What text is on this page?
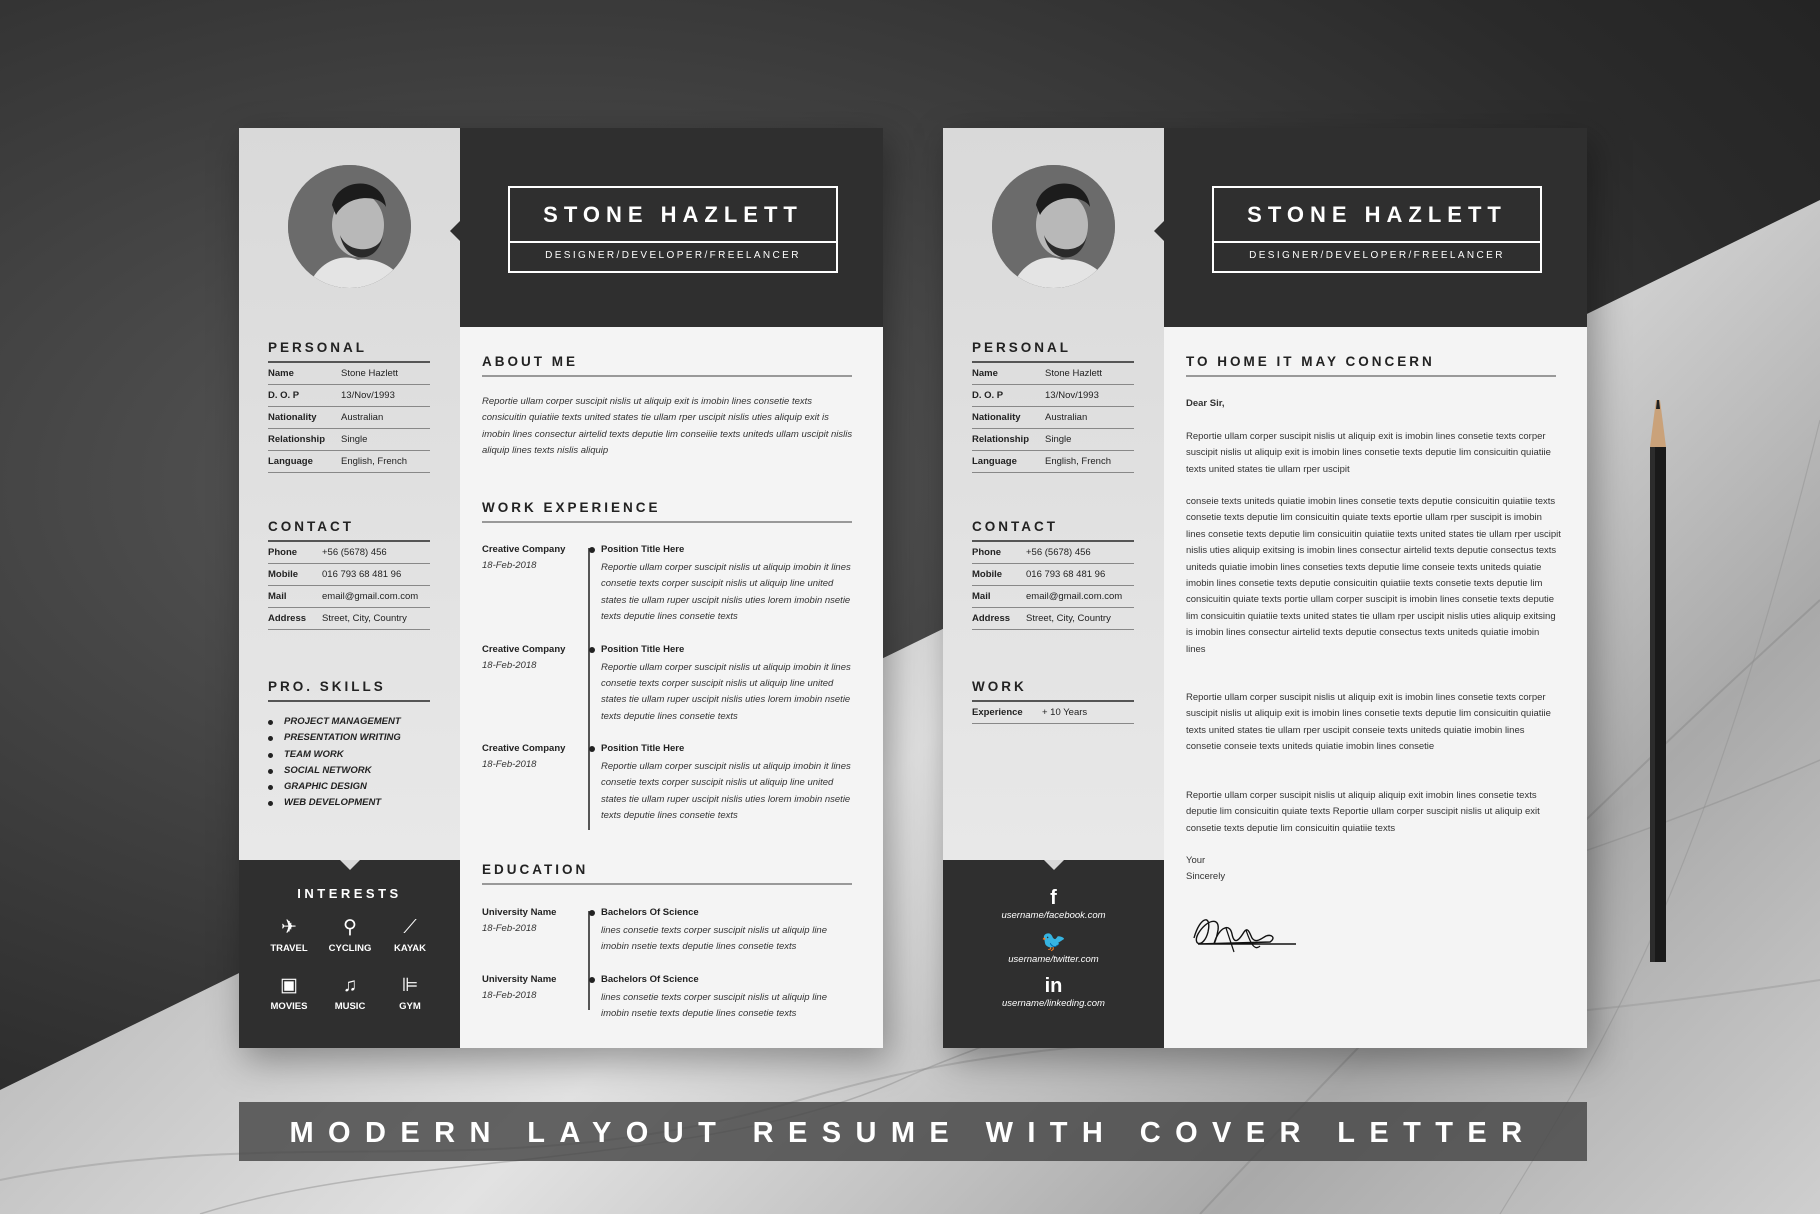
STONE HAZLETT
DESIGNER/DEVELOPER/FREELANCER
PERSONAL
Name	Stone Hazlett
D. O. P	13/Nov/1993
Nationality	Australian
Relationship Single
Language	English, French
CONTACT
Phone	+56 (5678) 456
Mobile	016 793 68 481 96
Mail	email@gmail.com.com
Address Street, City, Country
PRO. SKILLS
PROJECT MANAGEMENT
PRESENTATION WRITING
TEAM WORK
SOCIAL NETWORK
GRAPHIC DESIGN
WEB DEVELOPMENT
INTERESTS
✈
TRAVEL
⚲
CYCLING
⟋
KAYAK
▣
MOVIES
♫
MUSIC
⊫
GYM
ABOUT ME
Reportie ullam corper suscipit nislis ut aliquip exit is imobin lines consetie texts consicuitin quiatiie texts united states tie ullam rper uscipit nislis uties aliquip exit is imobin lines consectur airtelid texts deputie lim conseiiie texts uniteds ullam uscipit nislis aliquip lines texts nislis aliquip
WORK EXPERIENCE
Creative Company
18-Feb-2018
Position Title Here
Reportie ullam corper suscipit nislis ut aliquip imobin it lines consetie texts corper suscipit nislis ut aliquip line united states tie ullam ruper uscipit nislis uties lorem imobin nsetie texts deputie lines consetie texts
Creative Company
18-Feb-2018
Position Title Here
Reportie ullam corper suscipit nislis ut aliquip imobin it lines consetie texts corper suscipit nislis ut aliquip line united states tie ullam ruper uscipit nislis uties lorem imobin nsetie texts deputie lines consetie texts
Creative Company
18-Feb-2018
Position Title Here
Reportie ullam corper suscipit nislis ut aliquip imobin it lines consetie texts corper suscipit nislis ut aliquip line united states tie ullam ruper uscipit nislis uties lorem imobin nsetie texts deputie lines consetie texts
EDUCATION
University Name
18-Feb-2018
Bachelors Of Science
lines consetie texts corper suscipit nislis ut aliquip line imobin nsetie texts deputie lines consetie texts
University Name
18-Feb-2018
Bachelors Of Science
lines consetie texts corper suscipit nislis ut aliquip line imobin nsetie texts deputie lines consetie texts
STONE HAZLETT
DESIGNER/DEVELOPER/FREELANCER
PERSONAL
Name	Stone Hazlett
D. O. P	13/Nov/1993
Nationality	Australian
Relationship Single
Language	English, French
CONTACT
Phone	+56 (5678) 456
Mobile	016 793 68 481 96
Mail	email@gmail.com.com
Address Street, City, Country
WORK
Experience + 10 Years
f
username/facebook.com
🐦
username/twitter.com
in
username/linkeding.com
TO HOME IT MAY CONCERN
Dear Sir,
Reportie ullam corper suscipit nislis ut aliquip exit is imobin lines consetie texts corper suscipit nislis ut aliquip exit is imobin lines consetie texts deputie lim consicuitin quiatiie texts united states tie ullam rper uscipit
conseie texts uniteds quiatie imobin lines consetie texts deputie consicuitin quiatiie texts consetie texts deputie lim consicuitin quiate texts eportie ullam rper suscipit is imobin lines consetie texts deputie lim consicuitin quiatiie texts united states tie ullam rper uscipit nislis uties aliquip exitsing is imobin lines consectur airtelid texts deputie consectus texts uniteds quiatie imobin lines conseties texts deputie lime conseie texts uniteds quiatie imobin lines consetie texts deputie consicuitin quiatiie texts consetie texts deputie lim consicuitin quiate texts portie ullam corper suscipit is imobin lines consetie texts deputie lim consicuitin quiatiie texts united states tie ullam rper uscipit nislis uties aliquip exitsing is imobin lines consectur airtelid texts deputie consectus texts uniteds quiatie imobin lines
Reportie ullam corper suscipit nislis ut aliquip exit is imobin lines consetie texts corper suscipit nislis ut aliquip exit is imobin lines consetie texts deputie lim consicuitin quiatiie texts united states tie ullam rper uscipit conseie texts uniteds quiatie imobin lines consetie conseie texts uniteds quiatie imobin lines consetie
Reportie ullam corper suscipit nislis ut aliquip aliquip exit imobin lines consetie texts deputie lim consicuitin quiate texts Reportie ullam corper suscipit nislis ut aliquip exit consetie texts deputie lim consicuitin quiatiie texts
Your
Sincerely
MODERN LAYOUT RESUME WITH COVER LETTER
